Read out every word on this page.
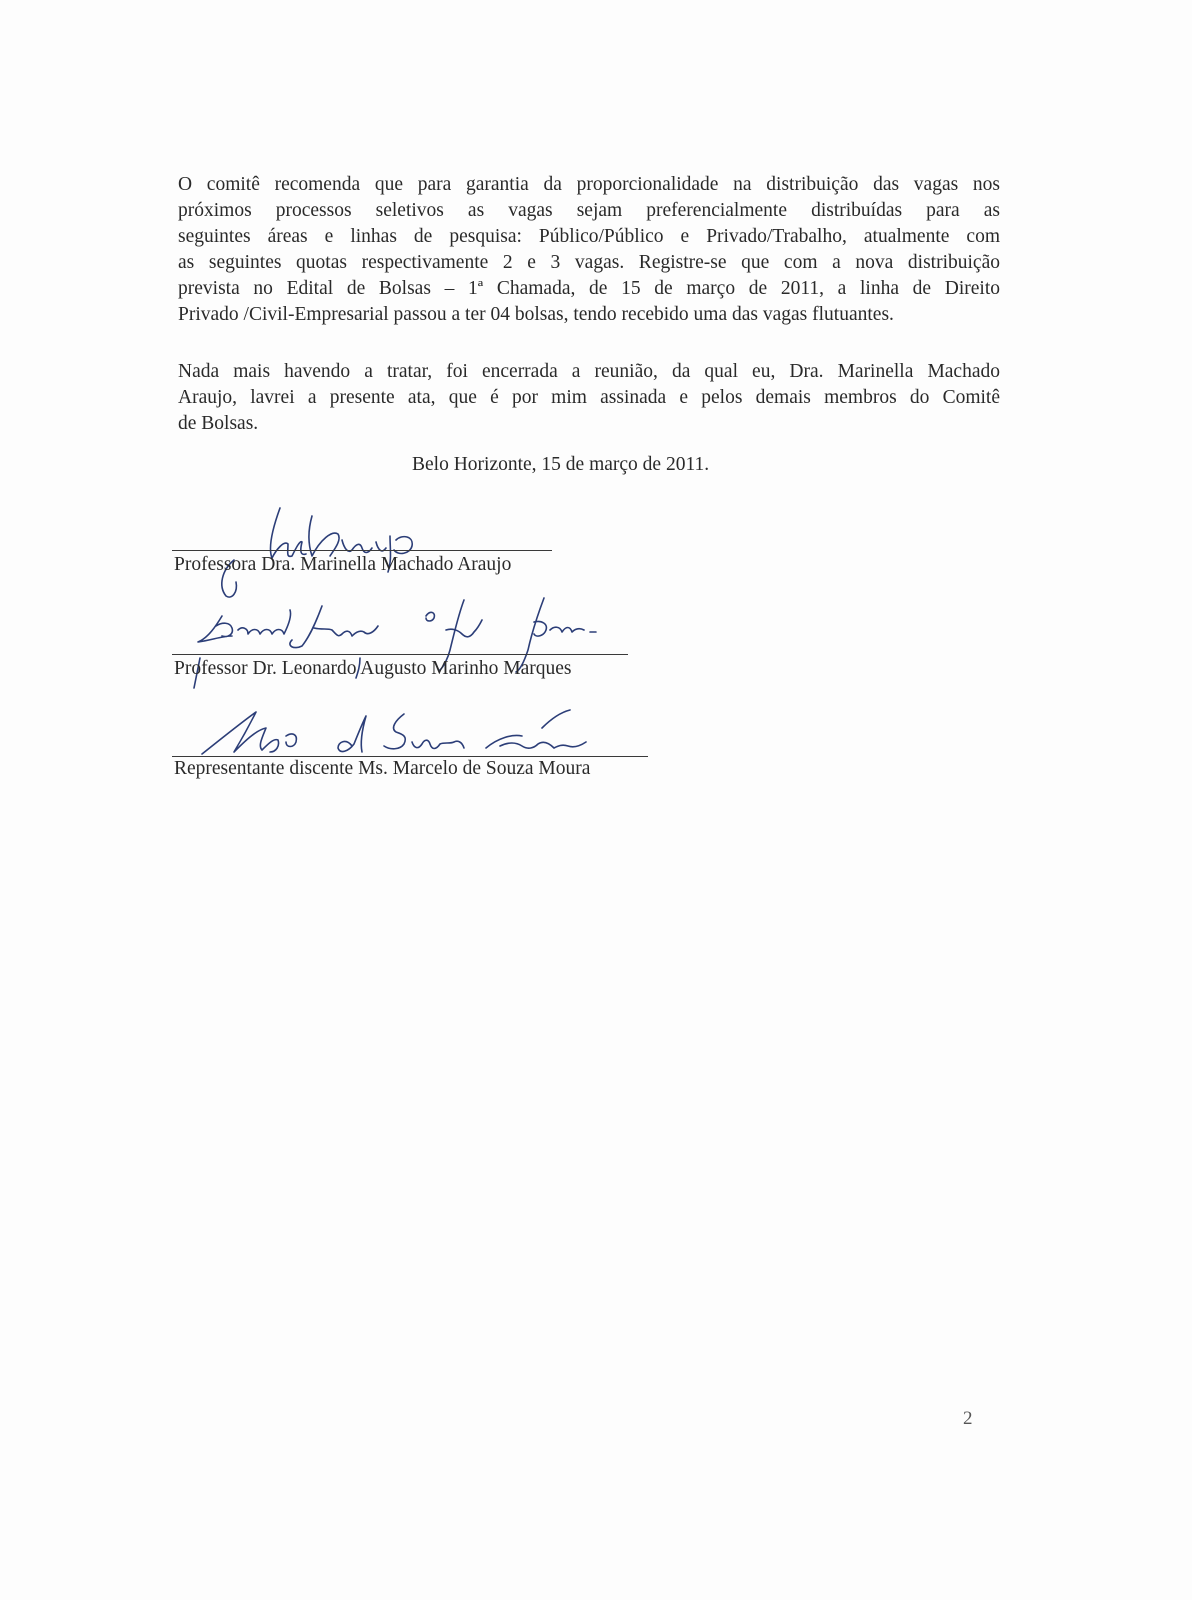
O comitê recomenda que para garantia da proporcionalidade na distribuição das vagas nos
próximos processos seletivos as vagas sejam preferencialmente distribuídas para as
seguintes áreas e linhas de pesquisa: Público/Público e Privado/Trabalho, atualmente com
as seguintes quotas respectivamente 2 e 3 vagas. Registre-se que com a nova distribuição
prevista no Edital de Bolsas – 1ª Chamada, de 15 de março de 2011, a linha de Direito
Privado /Civil-Empresarial passou a ter 04 bolsas, tendo recebido uma das vagas flutuantes.

Nada mais havendo a tratar, foi encerrada a reunião, da qual eu, Dra. Marinella Machado
Araujo, lavrei a presente ata, que é por mim assinada e pelos demais membros do Comitê
de Bolsas.

Belo Horizonte, 15 de março de 2011.

Professora Dra. Marinella Machado Araujo

Professor Dr. Leonardo Augusto Marinho Marques

Representante discente Ms. Marcelo de Souza Moura

2
